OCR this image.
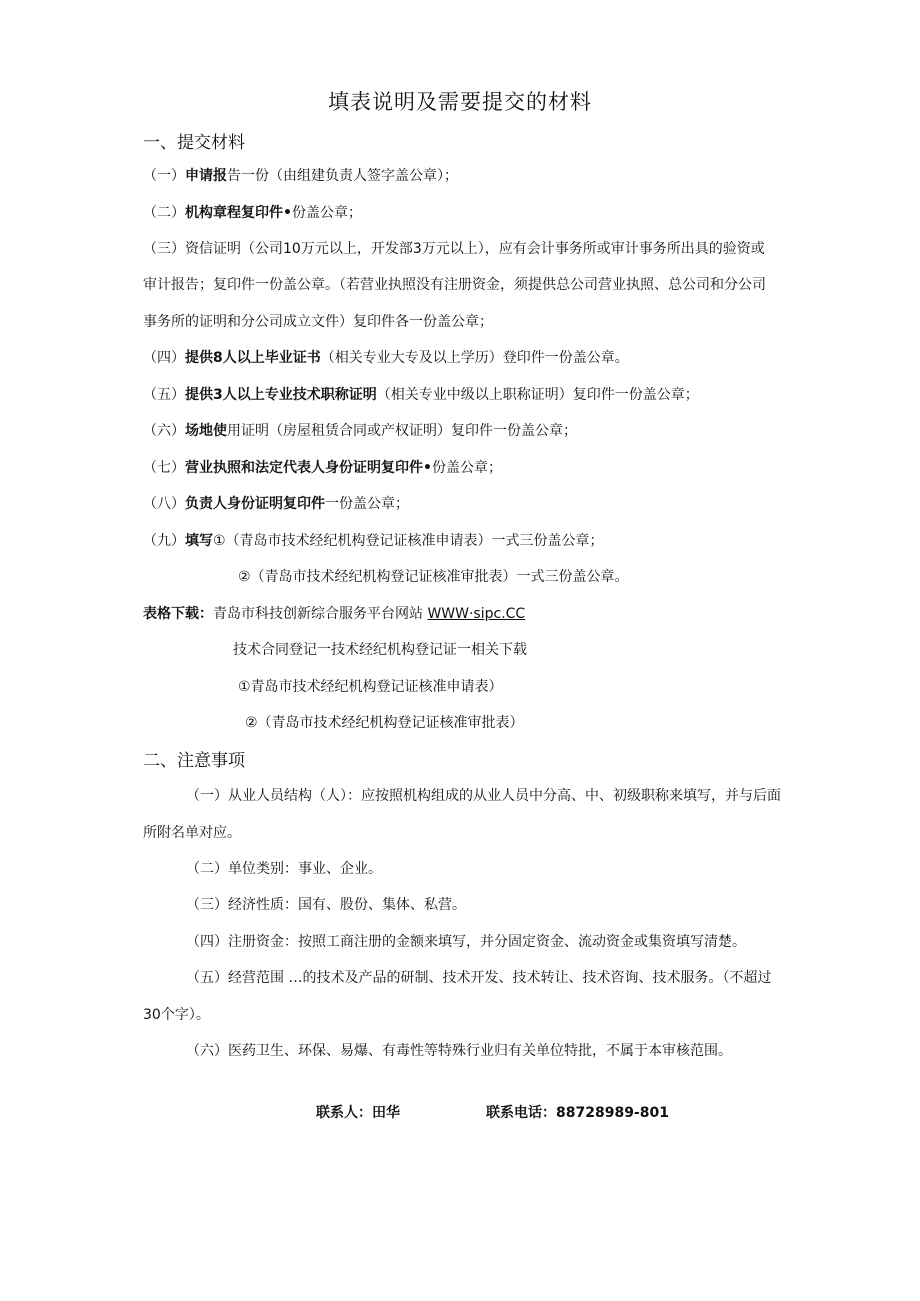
填表说明及需要提交的材料
一、提交材料
（一）申请报告一份（由组建负责人签字盖公章）；
（二）机构章程复印件•份盖公章；
（三）资信证明（公司10万元以上，开发部3万元以上），应有会计事务所或审计事务所出具的验资或
审计报告；复印件一份盖公章。（若营业执照没有注册资金，须提供总公司营业执照、总公司和分公司
事务所的证明和分公司成立文件）复印件各一份盖公章；
（四）提供8人以上毕业证书（相关专业大专及以上学历）登印件一份盖公章。
（五）提供3人以上专业技术职称证明（相关专业中级以上职称证明）复印件一份盖公章；
（六）场地使用证明（房屋租赁合同或产权证明）复印件一份盖公章；
（七）营业执照和法定代表人身份证明复印件•份盖公章；
（八）负责人身份证明复印件一份盖公章；
（九）填写①（青岛市技术经纪机构登记证核准申请表）一式三份盖公章；
②（青岛市技术经纪机构登记证核准审批表）一式三份盖公章。
表格下载：青岛市科技创新综合服务平台网站 WWW·sipc.CC
技术合同登记一技术经纪机构登记证一相关下载
①青岛市技术经纪机构登记证核准申请表）
②（青岛市技术经纪机构登记证核准审批表）
二、注意事项
（一）从业人员结构（人）：应按照机构组成的从业人员中分高、中、初级职称来填写，并与后面
所附名单对应。
（二）单位类别：事业、企业。
（三）经济性质：国有、股份、集体、私营。
（四）注册资金：按照工商注册的金额来填写，并分固定资金、流动资金或集资填写清楚。
（五）经营范围 …的技术及产品的研制、技术开发、技术转让、技术咨询、技术服务。（不超过
30个字）。
（六）医药卫生、环保、易爆、有毒性等特殊行业归有关单位特批，不属于本审核范围。
联系人：田华	联系电话：88728989-801
